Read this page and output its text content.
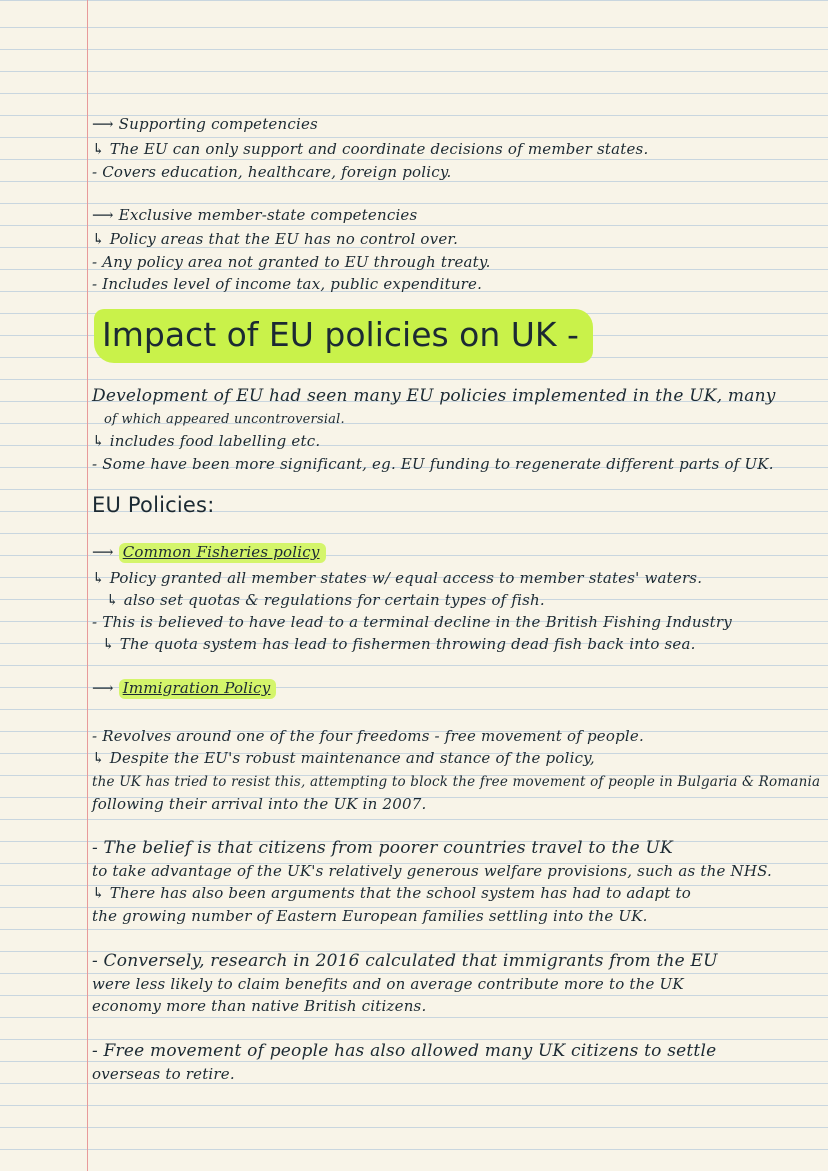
⟶ Supporting competencies
↳ The EU can only support and coordinate decisions of member states.
- Covers education, healthcare, foreign policy.
⟶ Exclusive member-state competencies
↳ Policy areas that the EU has no control over.
- Any policy area not granted to EU through treaty.
- Includes level of income tax, public expenditure.
Impact of EU policies on UK -
Development of EU had seen many EU policies implemented in the UK, many
of which appeared uncontroversial.
↳ includes food labelling etc.
- Some have been more significant, eg. EU funding to regenerate different parts of UK.
EU Policies:
⟶ Common Fisheries policy
↳ Policy granted all member states w/ equal access to member states' waters.
↳ also set quotas & regulations for certain types of fish.
- This is believed to have lead to a terminal decline in the British Fishing Industry
↳ The quota system has lead to fishermen throwing dead fish back into sea.
⟶ Immigration Policy
- Revolves around one of the four freedoms - free movement of people.
↳ Despite the EU's robust maintenance and stance of the policy,
the UK has tried to resist this, attempting to block the free movement of people in Bulgaria & Romania
following their arrival into the UK in 2007.
- The belief is that citizens from poorer countries travel to the UK
to take advantage of the UK's relatively generous welfare provisions, such as the NHS.
↳ There has also been arguments that the school system has had to adapt to
the growing number of Eastern European families settling into the UK.
- Conversely, research in 2016 calculated that immigrants from the EU
were less likely to claim benefits and on average contribute more to the UK
economy more than native British citizens.
- Free movement of people has also allowed many UK citizens to settle
overseas to retire.
